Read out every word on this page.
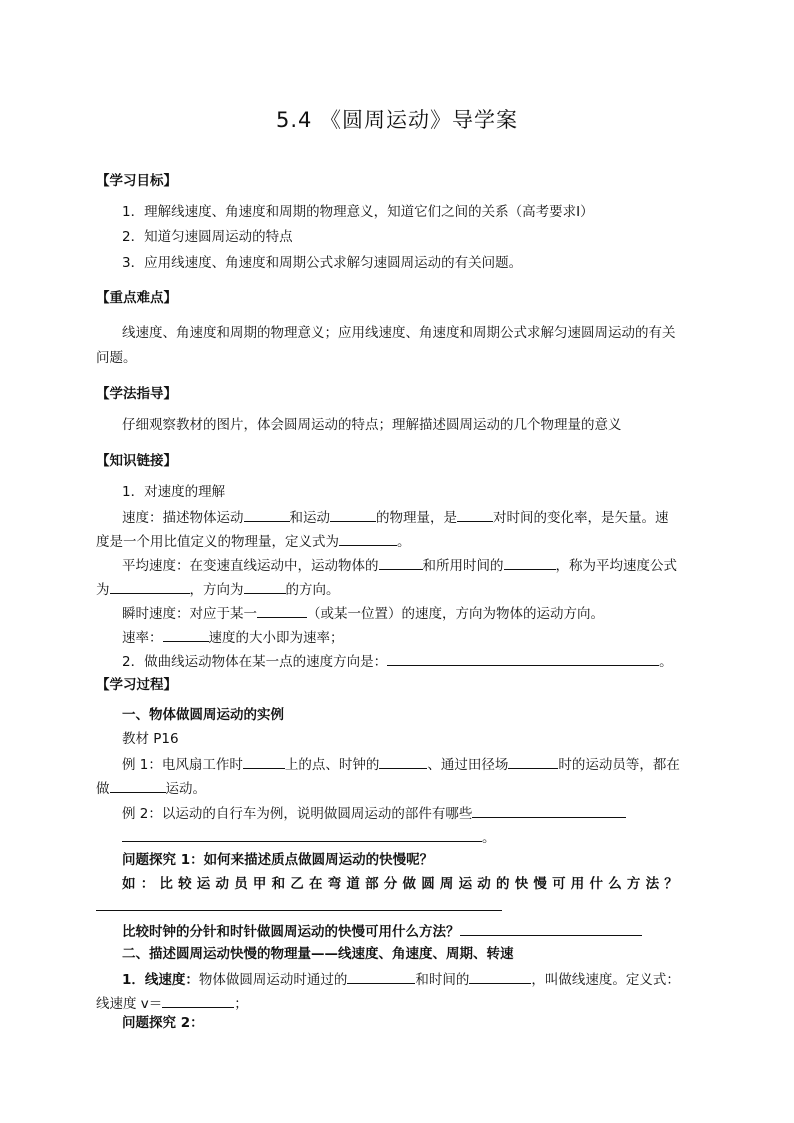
5.4 《圆周运动》导学案
【学习目标】
1．理解线速度、角速度和周期的物理意义，知道它们之间的关系（高考要求Ⅰ）
2．知道匀速圆周运动的特点
3．应用线速度、角速度和周期公式求解匀速圆周运动的有关问题。
【重点难点】
线速度、角速度和周期的物理意义；应用线速度、角速度和周期公式求解匀速圆周运动的有关
问题。
【学法指导】
仔细观察教材的图片，体会圆周运动的特点；理解描述圆周运动的几个物理量的意义
【知识链接】
1．对速度的理解
速度：描述物体运动	和运动	的物理量，是	对时间的变化率，是矢量。速
度是一个用比值定义的物理量，定义式为	。
平均速度：在变速直线运动中，运动物体的	和所用时间的	，称为平均速度公式
为	，方向为	的方向。
瞬时速度：对应于某一	（或某一位置）的速度，方向为物体的运动方向。
速率：	速度的大小即为速率；
2．做曲线运动物体在某一点的速度方向是：	。
【学习过程】
一、物体做圆周运动的实例
教材 P16
例 1：电风扇工作时	上的点、时钟的	、通过田径场	时的运动员等，都在
做	运动。
例 2：以运动的自行车为例，说明做圆周运动的部件有哪些
。
问题探究 1：如何来描述质点做圆周运动的快慢呢？
如：比较运动员甲和乙在弯道部分做圆周运动的快慢可用什么方法？
比较时钟的分针和时针做圆周运动的快慢可用什么方法？
二、描述圆周运动快慢的物理量——线速度、角速度、周期、转速
1．线速度：物体做圆周运动时通过的	和时间的	，叫做线速度。定义式：
线速度 v＝	；
问题探究 2：
